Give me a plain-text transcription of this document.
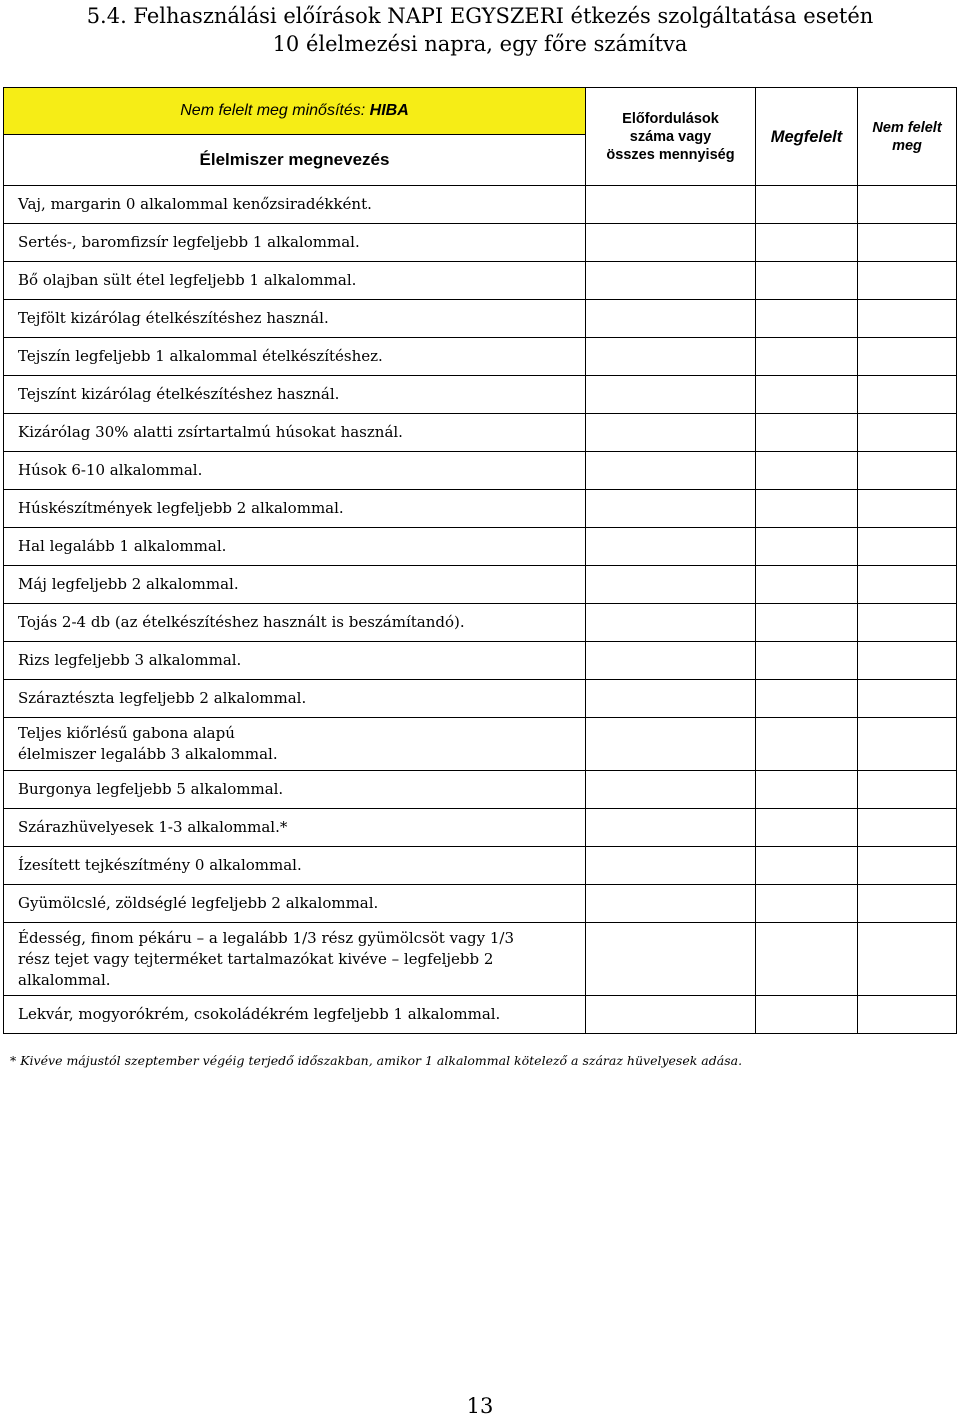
5.4. Felhasználási előírások NAPI EGYSZERI étkezés szolgáltatása esetén
10 élelmezési napra, egy főre számítva
Nem felelt meg minősítés: HIBA	Előfordulások száma vagy összes mennyiség	Megfelelt	Nem felelt meg
Élelmiszer megnevezés			
Vaj, margarin 0 alkalommal kenőzsiradékként.			
Sertés-, baromfizsír legfeljebb 1 alkalommal.			
Bő olajban sült étel legfeljebb 1 alkalommal.			
Tejfölt kizárólag ételkészítéshez használ.			
Tejszín legfeljebb 1 alkalommal ételkészítéshez.			
Tejszínt kizárólag ételkészítéshez használ.			
Kizárólag 30% alatti zsírtartalmú húsokat használ.			
Húsok 6-10 alkalommal.			
Húskészítmények legfeljebb 2 alkalommal.			
Hal legalább 1 alkalommal.			
Máj legfeljebb 2 alkalommal.			
Tojás 2-4 db (az ételkészítéshez használt is beszámítandó).			
Rizs legfeljebb 3 alkalommal.			
Száraztészta legfeljebb 2 alkalommal.			
Teljes kiőrlésű gabona alapú élelmiszer legalább 3 alkalommal.			
Burgonya legfeljebb 5 alkalommal.			
Szárazhüvelyesek 1-3 alkalommal.*			
Ízesített tejkészítmény 0 alkalommal.			
Gyümölcslé, zöldséglé legfeljebb 2 alkalommal.			
Édesség, finom pékáru – a legalább 1/3 rész gyümölcsöt vagy 1/3 rész tejet vagy tejterméket tartalmazókat kivéve – legfeljebb 2 alkalommal.			
Lekvár, mogyorókrém, csokoládékrém legfeljebb 1 alkalommal.			
* Kivéve májustól szeptember végéig terjedő időszakban, amikor 1 alkalommal kötelező a száraz hüvelyesek adása.
13
